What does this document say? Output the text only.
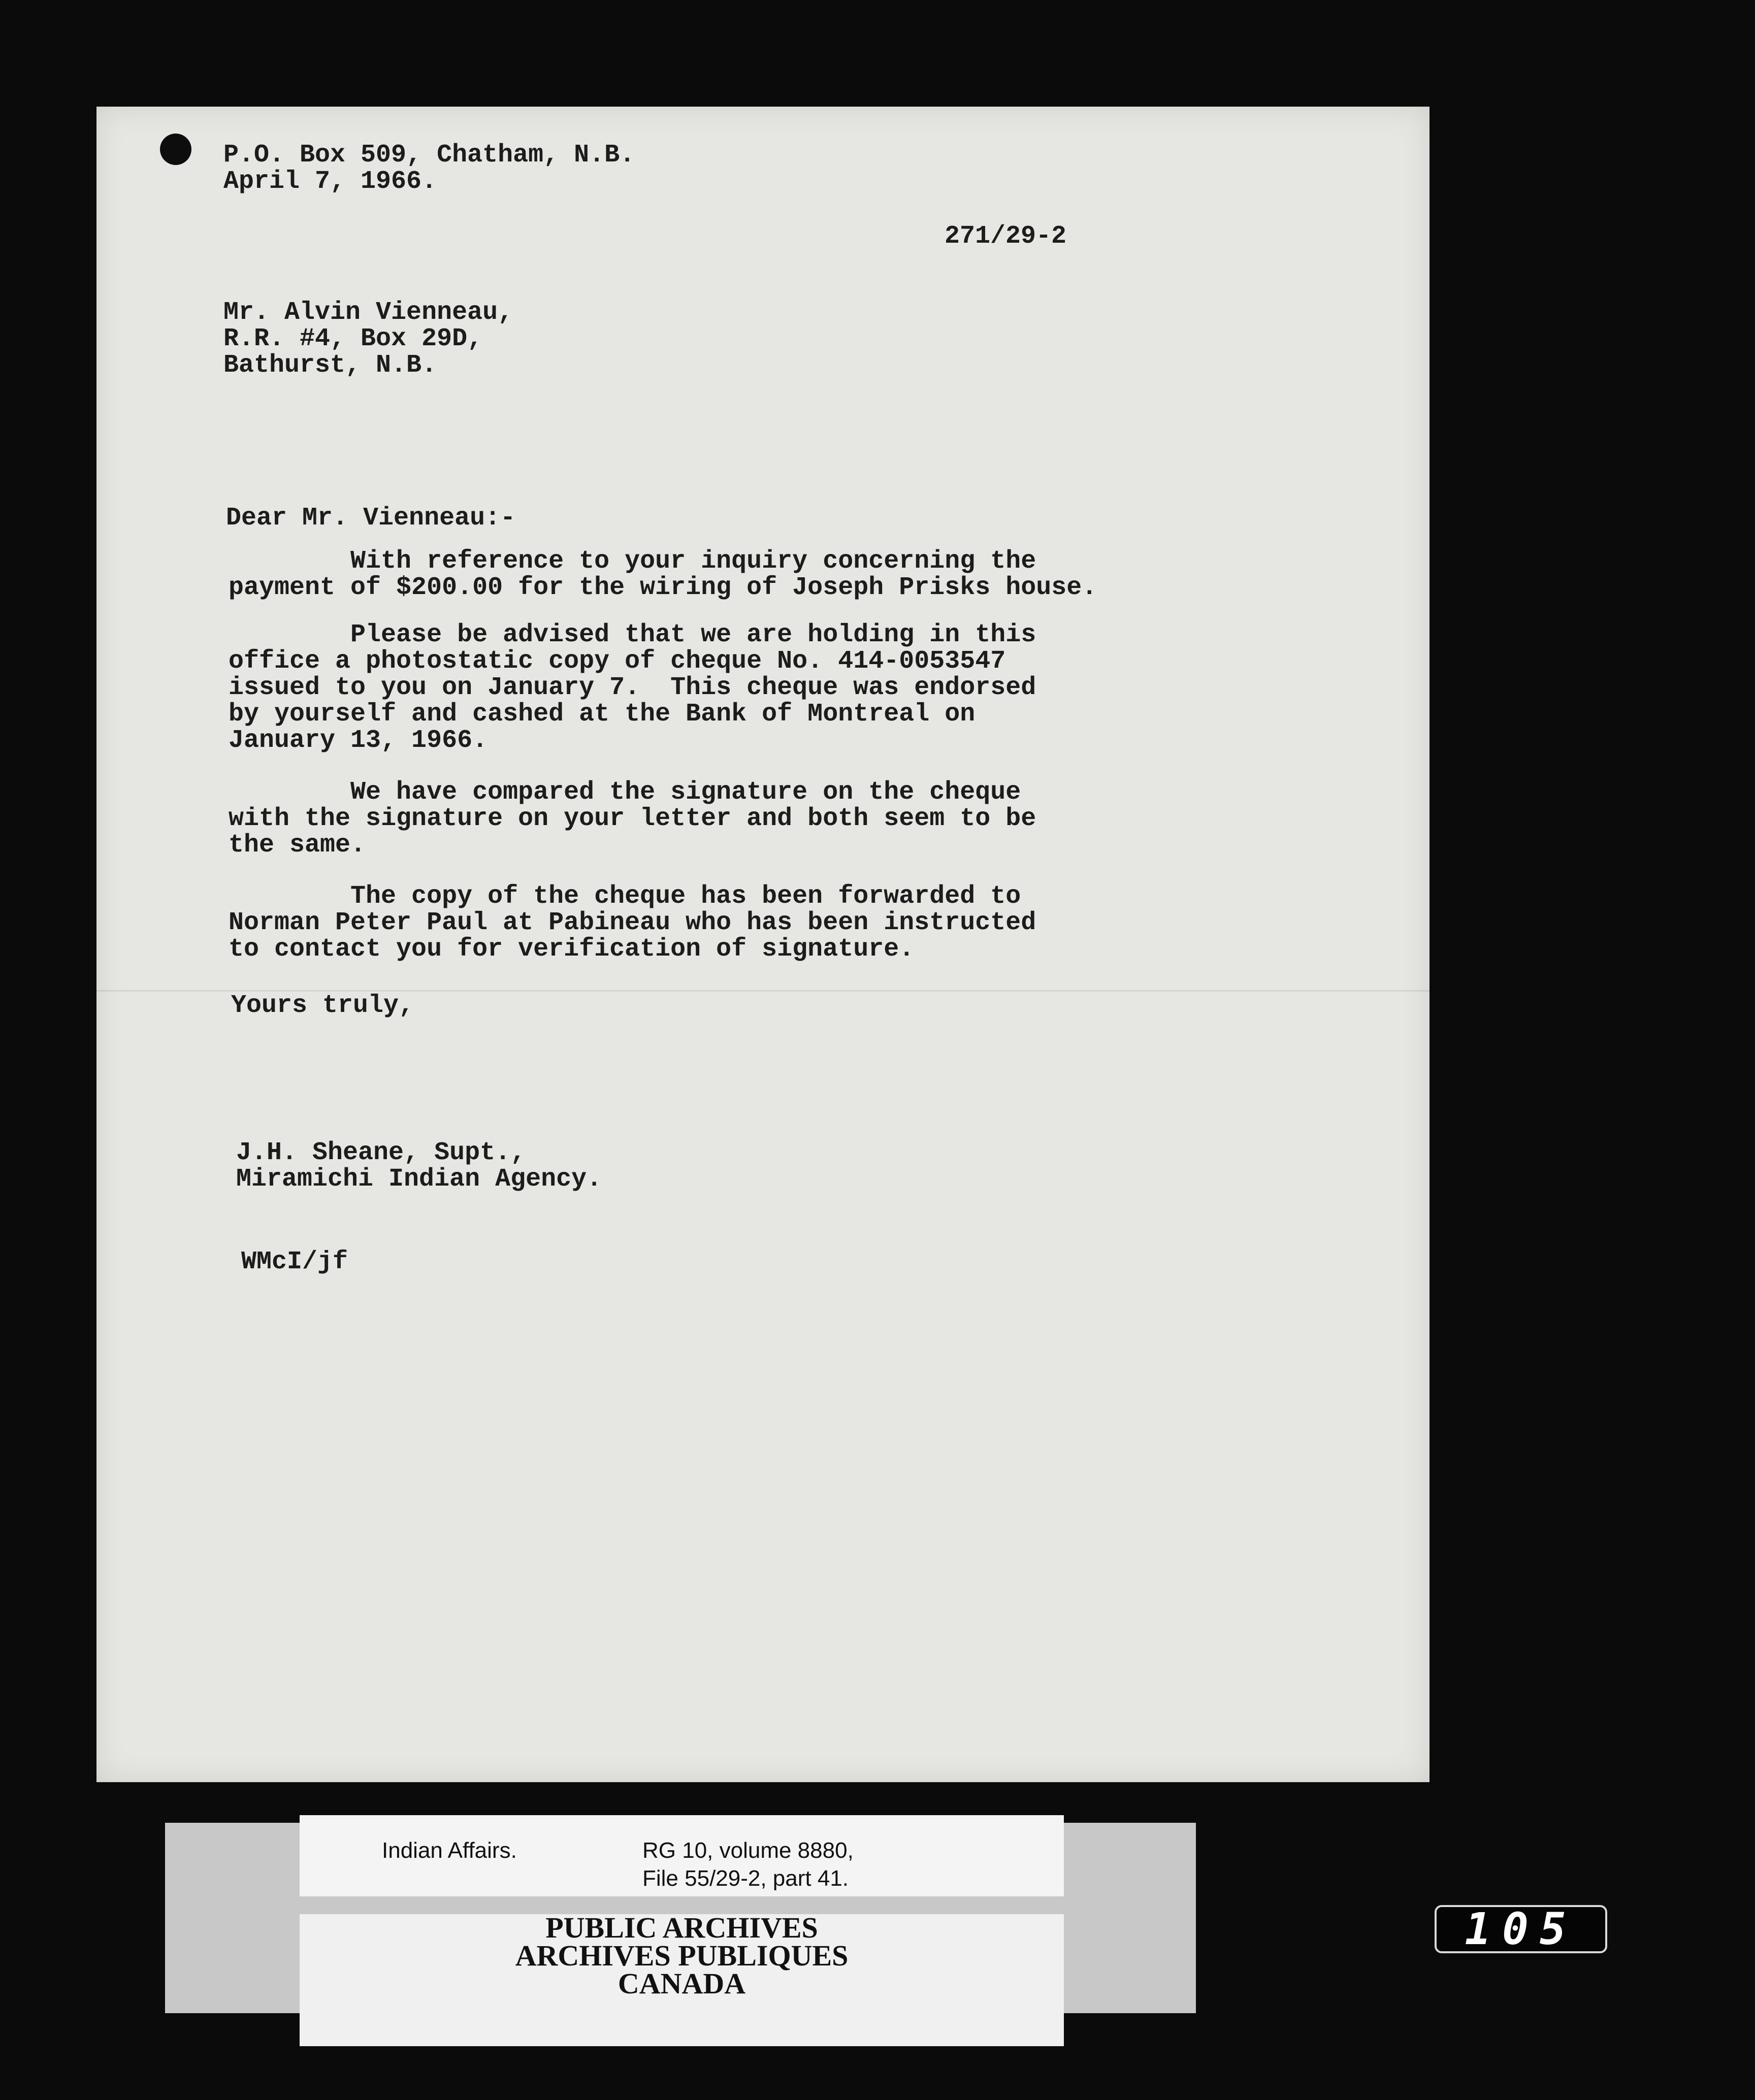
P.O. Box 509, Chatham, N.B.
April 7, 1966.

271/29-2

Mr. Alvin Vienneau,
R.R. #4, Box 29D,
Bathurst, N.B.

Dear Mr. Vienneau:-

With reference to your inquiry concerning the
payment of $200.00 for the wiring of Joseph Prisks house.

Please be advised that we are holding in this
office a photostatic copy of cheque No. 414-0053547
issued to you on January 7.  This cheque was endorsed
by yourself and cashed at the Bank of Montreal on
January 13, 1966.

We have compared the signature on the cheque
with the signature on your letter and both seem to be
the same.

The copy of the cheque has been forwarded to
Norman Peter Paul at Pabineau who has been instructed
to contact you for verification of signature.

Yours truly,

J.H. Sheane, Supt.,
Miramichi Indian Agency.

WMcI/jf

Indian Affairs.	RG 10, volume 8880,

File 55/29-2, part 41.

PUBLIC ARCHIVES

ARCHIVES PUBLIQUES

CANADA

105
